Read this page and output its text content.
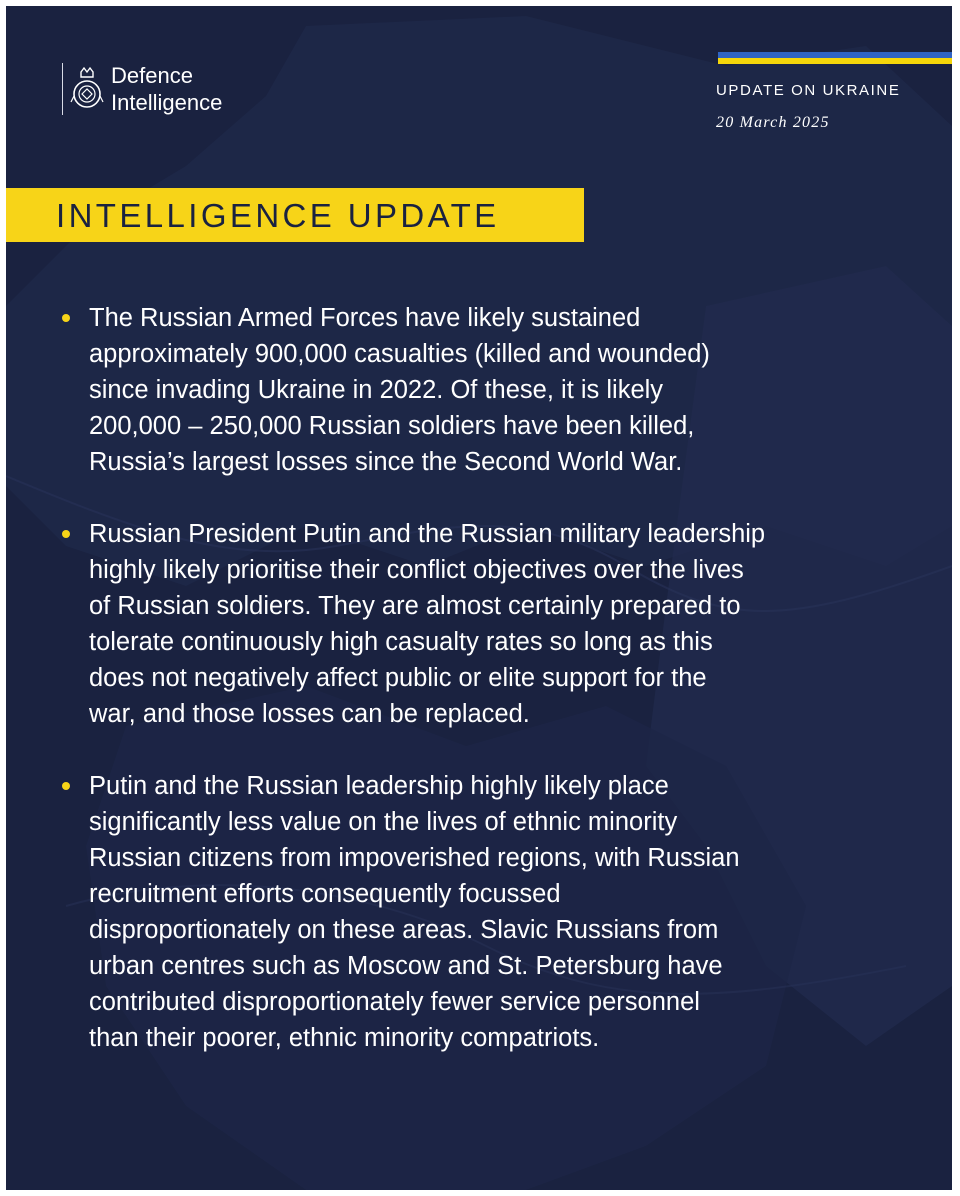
Defence
Intelligence	UPDATE ON UKRAINE
20 March 2025
INTELLIGENCE UPDATE

The Russian Armed Forces have likely sustained
approximately 900,000 casualties (killed and wounded)
since invading Ukraine in 2022. Of these, it is likely
200,000 – 250,000 Russian soldiers have been killed,
Russia’s largest losses since the Second World War.

Russian President Putin and the Russian military leadership
highly likely prioritise their conflict objectives over the lives
of Russian soldiers. They are almost certainly prepared to
tolerate continuously high casualty rates so long as this
does not negatively affect public or elite support for the
war, and those losses can be replaced.

Putin and the Russian leadership highly likely place
significantly less value on the lives of ethnic minority
Russian citizens from impoverished regions, with Russian
recruitment efforts consequently focussed
disproportionately on these areas. Slavic Russians from
urban centres such as Moscow and St. Petersburg have
contributed disproportionately fewer service personnel
than their poorer, ethnic minority compatriots.
